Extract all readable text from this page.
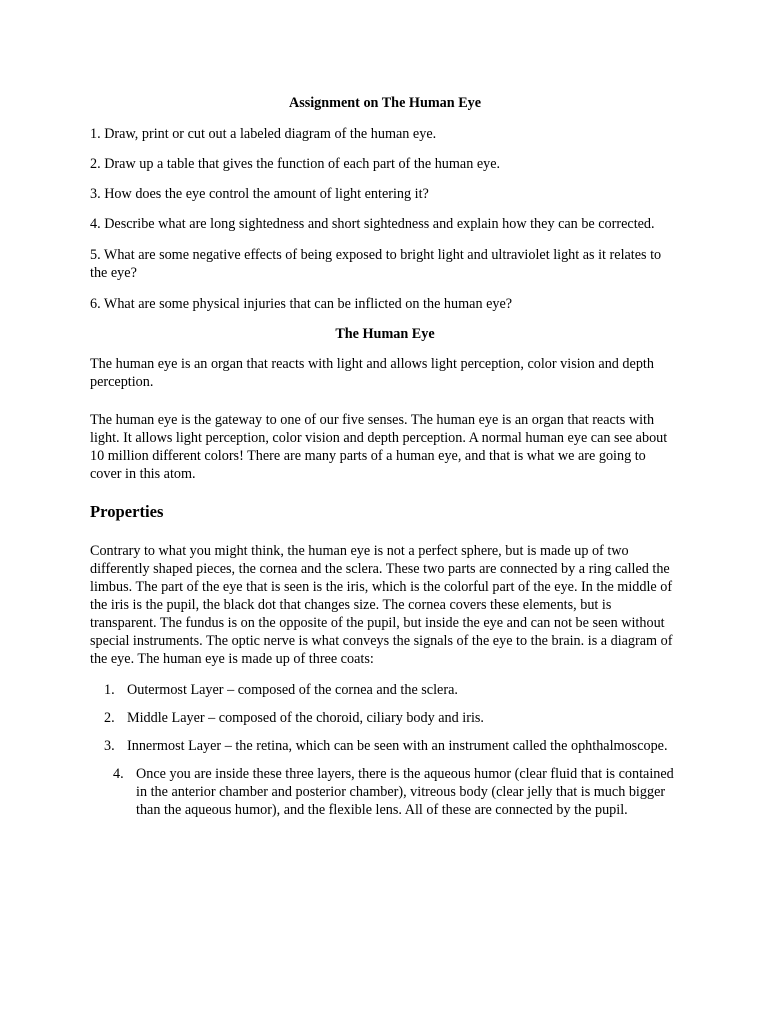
Assignment on The Human Eye

1. Draw, print or cut out a labeled diagram of the human eye.

2. Draw up a table that gives the function of each part of the human eye.

3. How does the eye control the amount of light entering it?

4. Describe what are long sightedness and short sightedness and explain how they can be corrected.

5. What are some negative effects of being exposed to bright light and ultraviolet light as it relates to the eye?

6. What are some physical injuries that can be inflicted on the human eye?

The Human Eye

The human eye is an organ that reacts with light and allows light perception, color vision and depth perception.

The human eye is the gateway to one of our five senses. The human eye is an organ that reacts with light. It allows light perception, color vision and depth perception. A normal human eye can see about 10 million different colors! There are many parts of a human eye, and that is what we are going to cover in this atom.

Properties

Contrary to what you might think, the human eye is not a perfect sphere, but is made up of two differently shaped pieces, the cornea and the sclera. These two parts are connected by a ring called the limbus. The part of the eye that is seen is the iris, which is the colorful part of the eye. In the middle of the iris is the pupil, the black dot that changes size. The cornea covers these elements, but is transparent. The fundus is on the opposite of the pupil, but inside the eye and can not be seen without special instruments. The optic nerve is what conveys the signals of the eye to the brain. is a diagram of the eye. The human eye is made up of three coats:

1. Outermost Layer – composed of the cornea and the sclera.
2. Middle Layer – composed of the choroid, ciliary body and iris.
3. Innermost Layer – the retina, which can be seen with an instrument called the ophthalmoscope.
4. Once you are inside these three layers, there is the aqueous humor (clear fluid that is contained in the anterior chamber and posterior chamber), vitreous body (clear jelly that is much bigger than the aqueous humor), and the flexible lens. All of these are connected by the pupil.
